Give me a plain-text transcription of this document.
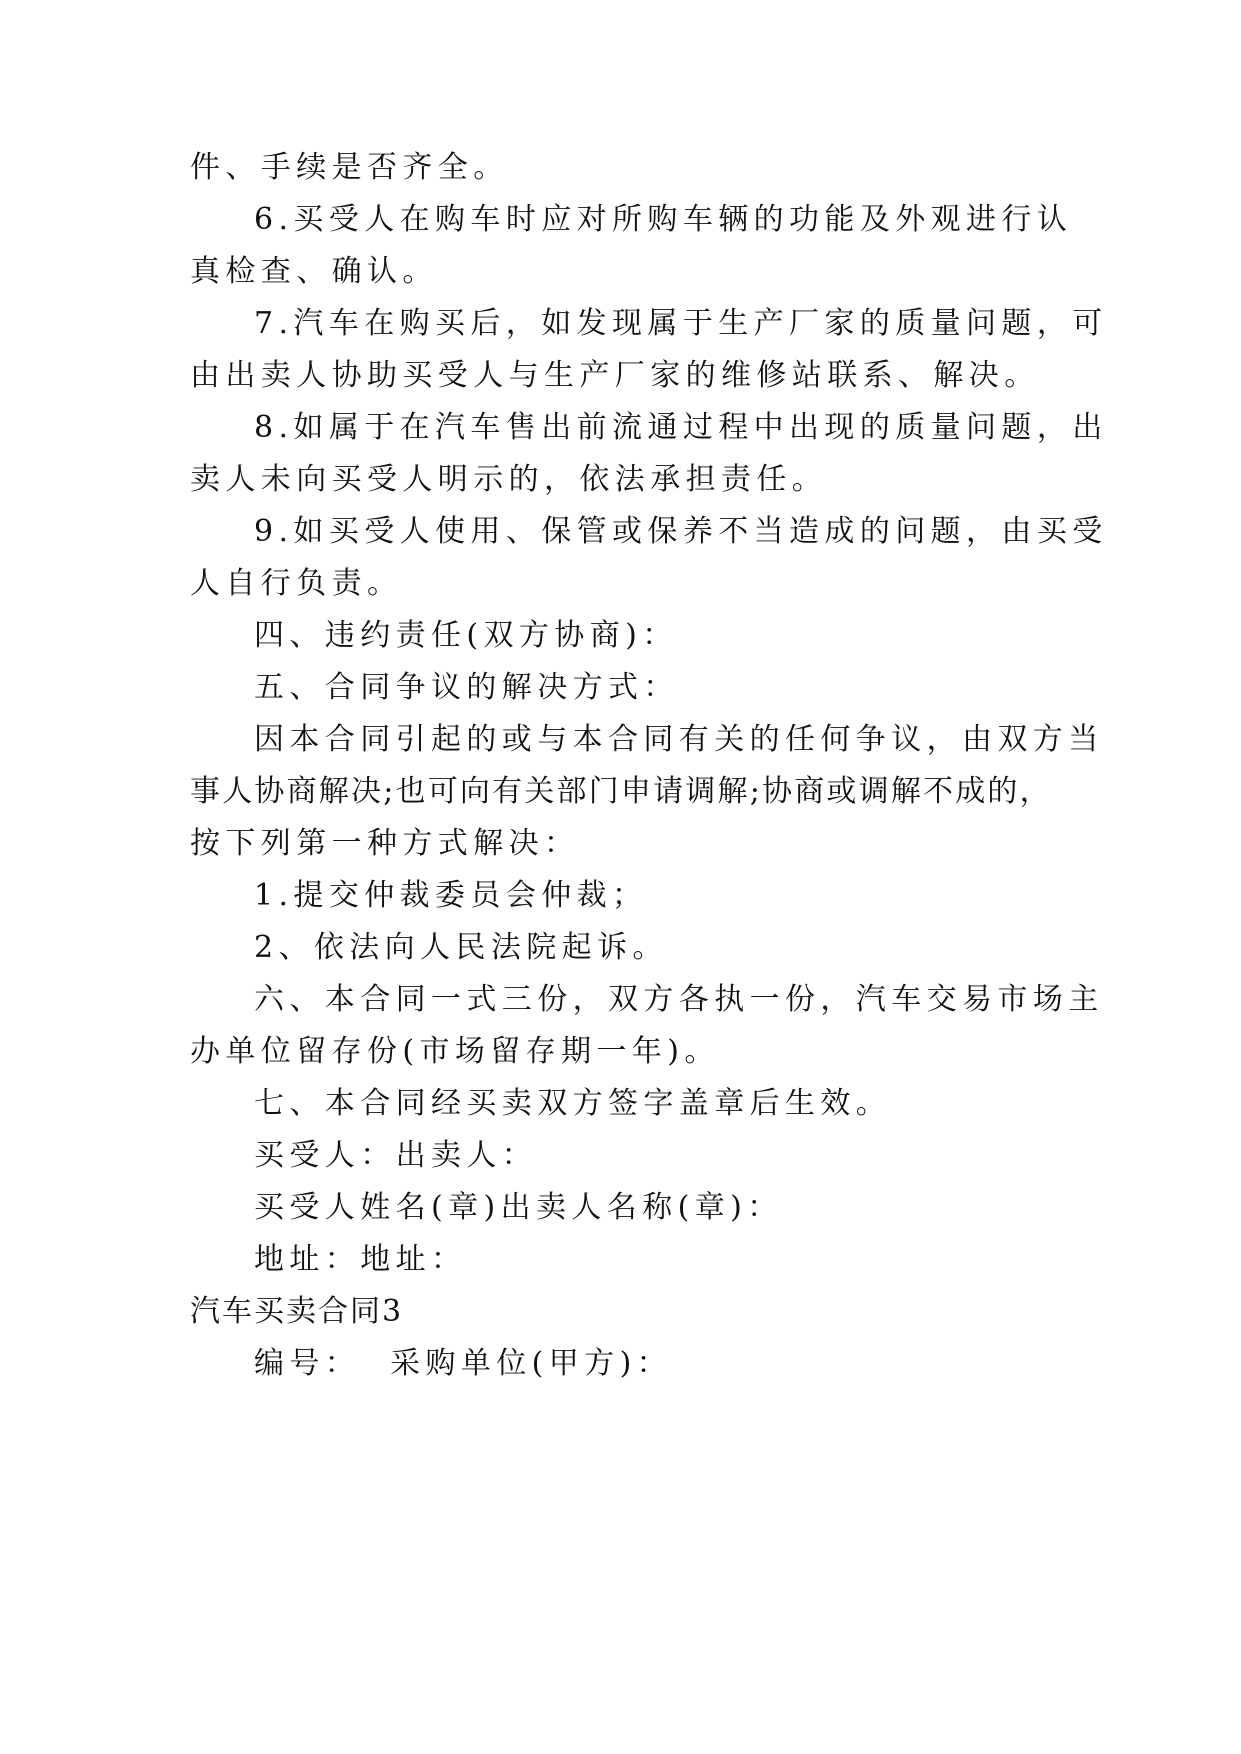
件、手续是否齐全。
6.买受人在购车时应对所购车辆的功能及外观进行认
真检查、确认。
7.汽车在购买后，如发现属于生产厂家的质量问题，可
由出卖人协助买受人与生产厂家的维修站联系、解决。
8.如属于在汽车售出前流通过程中出现的质量问题，出
卖人未向买受人明示的，依法承担责任。
9.如买受人使用、保管或保养不当造成的问题，由买受
人自行负责。
四、违约责任(双方协商)：
五、合同争议的解决方式：
因本合同引起的或与本合同有关的任何争议，由双方当
事人协商解决;也可向有关部门申请调解;协商或调解不成的，
按下列第一种方式解决：
1.提交仲裁委员会仲裁；
2、依法向人民法院起诉。
六、本合同一式三份，双方各执一份，汽车交易市场主
办单位留存份(市场留存期一年)。
七、本合同经买卖双方签字盖章后生效。
买受人：出卖人：
买受人姓名(章)出卖人名称(章)：
地址：地址：
汽车买卖合同3
编号：  采购单位(甲方)：
